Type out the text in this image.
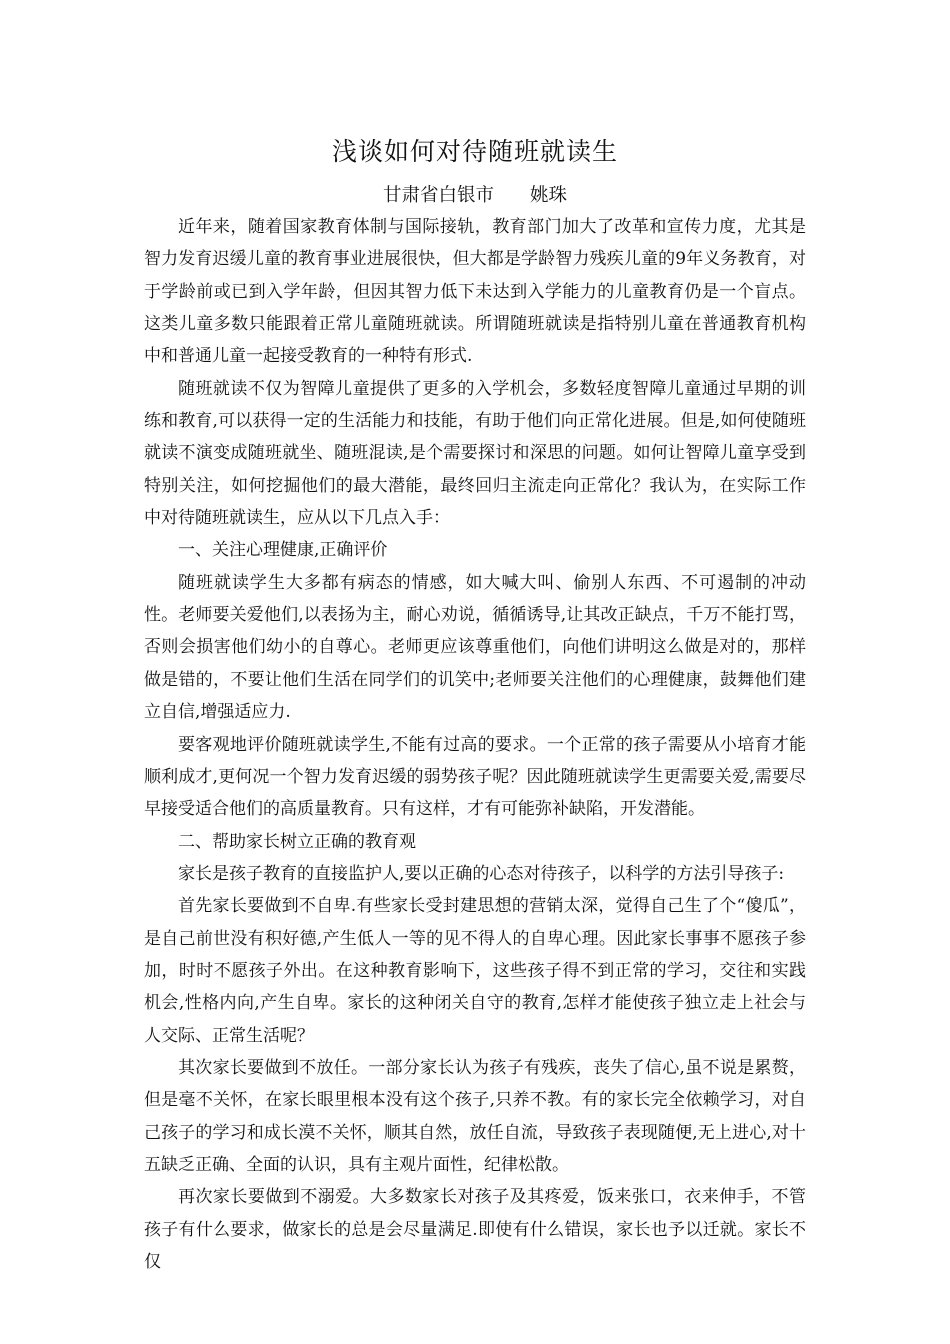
浅谈如何对待随班就读生
甘肃省白银市 姚珠

近年来，随着国家教育体制与国际接轨，教育部门加大了改革和宣传力度，尤其是智力发育迟缓儿童的教育事业进展很快，但大都是学龄智力残疾儿童的9年义务教育，对于学龄前或已到入学年龄，但因其智力低下未达到入学能力的儿童教育仍是一个盲点。这类儿童多数只能跟着正常儿童随班就读。所谓随班就读是指特别儿童在普通教育机构中和普通儿童一起接受教育的一种特有形式.

随班就读不仅为智障儿童提供了更多的入学机会，多数轻度智障儿童通过早期的训练和教育,可以获得一定的生活能力和技能，有助于他们向正常化进展。但是,如何使随班就读不演变成随班就坐、随班混读,是个需要探讨和深思的问题。如何让智障儿童享受到特别关注，如何挖掘他们的最大潜能，最终回归主流走向正常化？我认为，在实际工作中对待随班就读生，应从以下几点入手：

一、关注心理健康,正确评价

随班就读学生大多都有病态的情感，如大喊大叫、偷别人东西、不可遏制的冲动性。老师要关爱他们,以表扬为主，耐心劝说，循循诱导,让其改正缺点，千万不能打骂，否则会损害他们幼小的自尊心。老师更应该尊重他们，向他们讲明这么做是对的，那样做是错的，不要让他们生活在同学们的讥笑中;老师要关注他们的心理健康，鼓舞他们建立自信,增强适应力.

要客观地评价随班就读学生,不能有过高的要求。一个正常的孩子需要从小培育才能顺利成才,更何况一个智力发育迟缓的弱势孩子呢？因此随班就读学生更需要关爱,需要尽早接受适合他们的高质量教育。只有这样，才有可能弥补缺陷，开发潜能。

二、帮助家长树立正确的教育观

家长是孩子教育的直接监护人,要以正确的心态对待孩子，以科学的方法引导孩子:

首先家长要做到不自卑.有些家长受封建思想的营销太深，觉得自己生了个“傻瓜”，是自己前世没有积好德,产生低人一等的见不得人的自卑心理。因此家长事事不愿孩子参加，时时不愿孩子外出。在这种教育影响下，这些孩子得不到正常的学习，交往和实践机会,性格内向,产生自卑。家长的这种闭关自守的教育,怎样才能使孩子独立走上社会与人交际、正常生活呢？

其次家长要做到不放任。一部分家长认为孩子有残疾，丧失了信心,虽不说是累赘，但是毫不关怀，在家长眼里根本没有这个孩子,只养不教。有的家长完全依赖学习，对自己孩子的学习和成长漠不关怀，顺其自然，放任自流，导致孩子表现随便,无上进心,对十五缺乏正确、全面的认识，具有主观片面性，纪律松散。

再次家长要做到不溺爱。大多数家长对孩子及其疼爱，饭来张口，衣来伸手，不管孩子有什么要求，做家长的总是会尽量满足.即使有什么错误，家长也予以迁就。家长不仅
